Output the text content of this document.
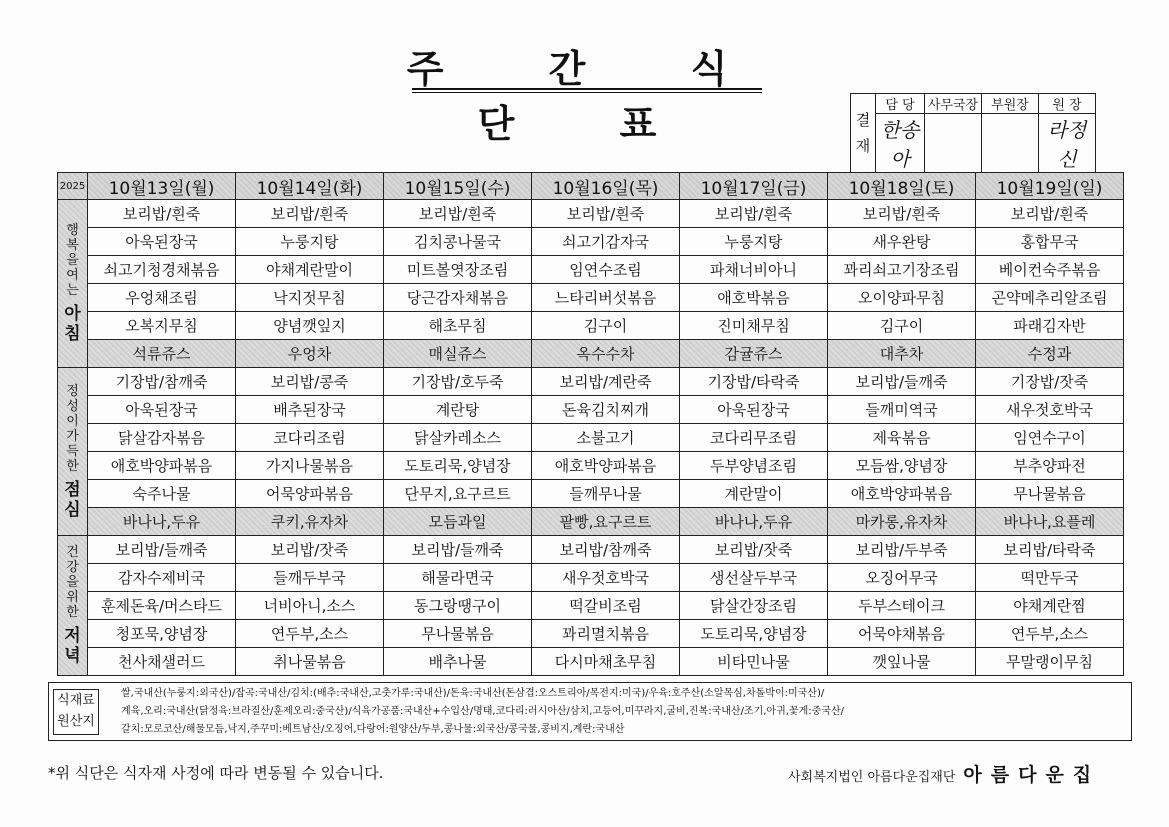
주 간 식 단 표	결 재	담 당	사무국장	부원장	원 장
	한송아			라정신
2025	10월13일(월)	10월14일(화)	10월15일(수)	10월16일(목)	10월17일(금)	10월18일(토)	10월19일(일)

행복을여는
아침	보리밥/흰죽	보리밥/흰죽	보리밥/흰죽	보리밥/흰죽	보리밥/흰죽	보리밥/흰죽	보리밥/흰죽
	아욱된장국	누룽지탕	김치콩나물국	쇠고기감자국	누룽지탕	새우완탕	홍합무국
	쇠고기청경채볶음	야채계란말이	미트볼엿장조림	임연수조림	파채너비아니	꽈리쇠고기장조림	베이컨숙주볶음
	우엉채조림	낙지젓무침	당근감자채볶음	느타리버섯볶음	애호박볶음	오이양파무침	곤약메추리알조림
	오복지무침	양념깻잎지	해초무침	김구이	진미채무침	김구이	파래김자반
	석류쥬스	우엉차	매실쥬스	옥수수차	감귤쥬스	대추차	수정과

정성이가득한
점심	기장밥/참깨죽	보리밥/콩죽	기장밥/호두죽	보리밥/계란죽	기장밥/타락죽	보리밥/들깨죽	기장밥/잣죽
	아욱된장국	배추된장국	계란탕	돈육김치찌개	아욱된장국	들깨미역국	새우젓호박국
	닭살감자볶음	코다리조림	닭살카레소스	소불고기	코다리무조림	제육볶음	임연수구이
	애호박양파볶음	가지나물볶음	도토리묵,양념장	애호박양파볶음	두부양념조림	모듬쌈,양념장	부추양파전
	숙주나물	어묵양파볶음	단무지,요구르트	들깨무나물	계란말이	애호박양파볶음	무나물볶음
	바나나,두유	쿠키,유자차	모듬과일	팥빵,요구르트	바나나,두유	마카롱,유자차	바나나,요플레

건강을위한
저녁	보리밥/들깨죽	보리밥/잣죽	보리밥/들깨죽	보리밥/참깨죽	보리밥/잣죽	보리밥/두부죽	보리밥/타락죽
	감자수제비국	들깨두부국	해물라면국	새우젓호박국	생선살두부국	오징어무국	떡만두국
	훈제돈육/머스타드	너비아니,소스	동그랑땡구이	떡갈비조림	닭살간장조림	두부스테이크	야채계란찜
	청포묵,양념장	연두부,소스	무나물볶음	꽈리멸치볶음	도토리묵,양념장	어묵야채볶음	연두부,소스
	천사채샐러드	취나물볶음	배추나물	다시마채초무침	비타민나물	깻잎나물	무말랭이무침
식재료
원산지
쌀,국내산(누룽지:외국산)/잡곡:국내산/김치:(배추:국내산,고춧가루:국내산)/돈육:국내산(돈삼겹:오스트리아/목전지:미국)/우육:호주산(소알목심,차돌박이:미국산)/
계육,오리:국내산(닭정육:브라질산/훈제오리:중국산)/식육가공품:국내산+수입산/명태,코다리:러시아산/삼치,고등어,미꾸라지,굴비,진복:국내산/조기,아귀,꽃게:중국산/
갈치:모로코산/해물모듬,낙지,주꾸미:베트남산/오징어,다랑어:원양산/두부,콩나물:외국산/콩국물,콩비지,계란:국내산
*위 식단은 식자재 사정에 따라 변동될 수 있습니다.	사회복지법인 아름다운집재단 아름다운집
